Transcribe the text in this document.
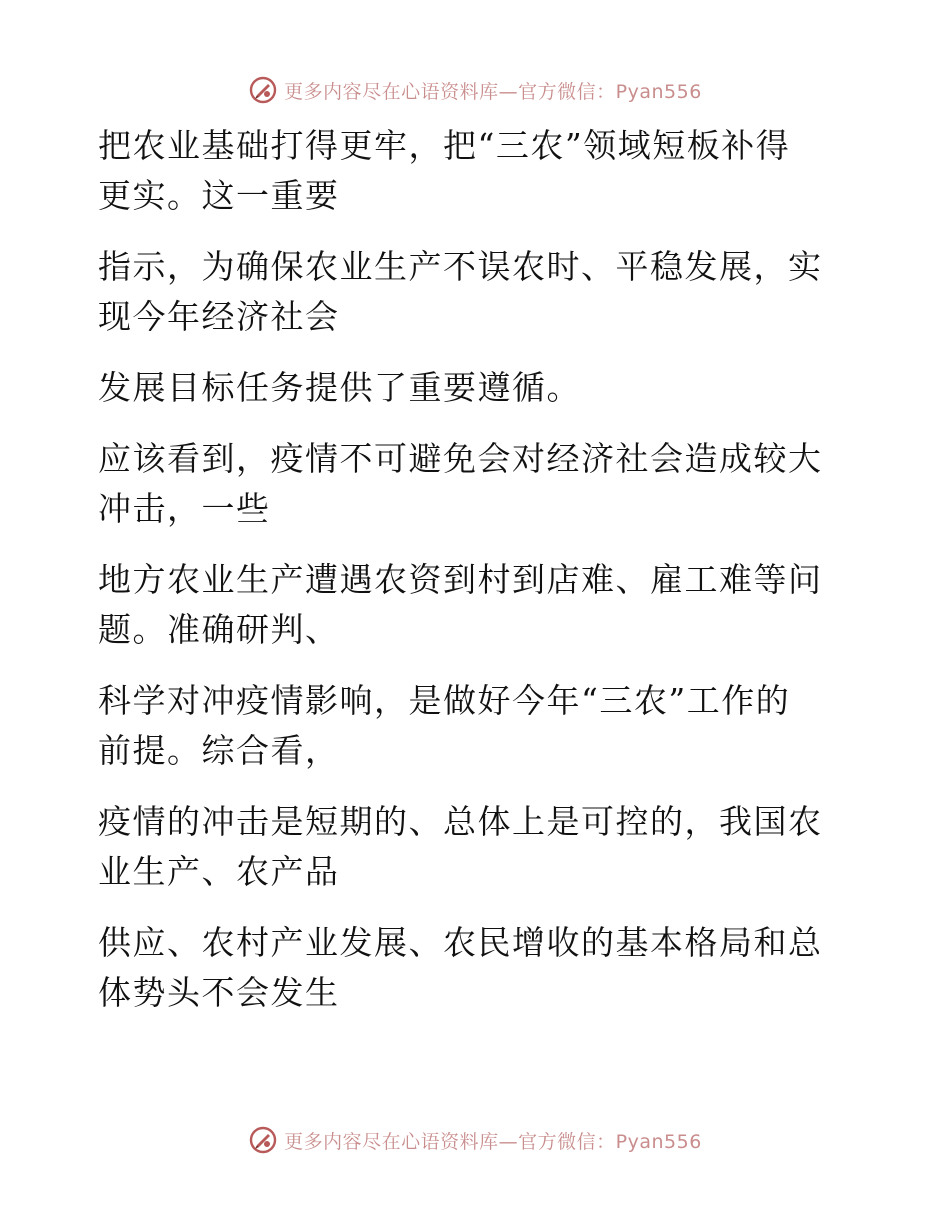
更多内容尽在心语资料库—官方微信：Pyan556
把农业基础打得更牢，把“三农”领域短板补得
更实。这一重要
指示，为确保农业生产不误农时、平稳发展，实
现今年经济社会
发展目标任务提供了重要遵循。
应该看到，疫情不可避免会对经济社会造成较大
冲击，一些
地方农业生产遭遇农资到村到店难、雇工难等问
题。准确研判、
科学对冲疫情影响，是做好今年“三农”工作的
前提。综合看，
疫情的冲击是短期的、总体上是可控的，我国农
业生产、农产品
供应、农村产业发展、农民增收的基本格局和总
体势头不会发生
更多内容尽在心语资料库—官方微信：Pyan556
